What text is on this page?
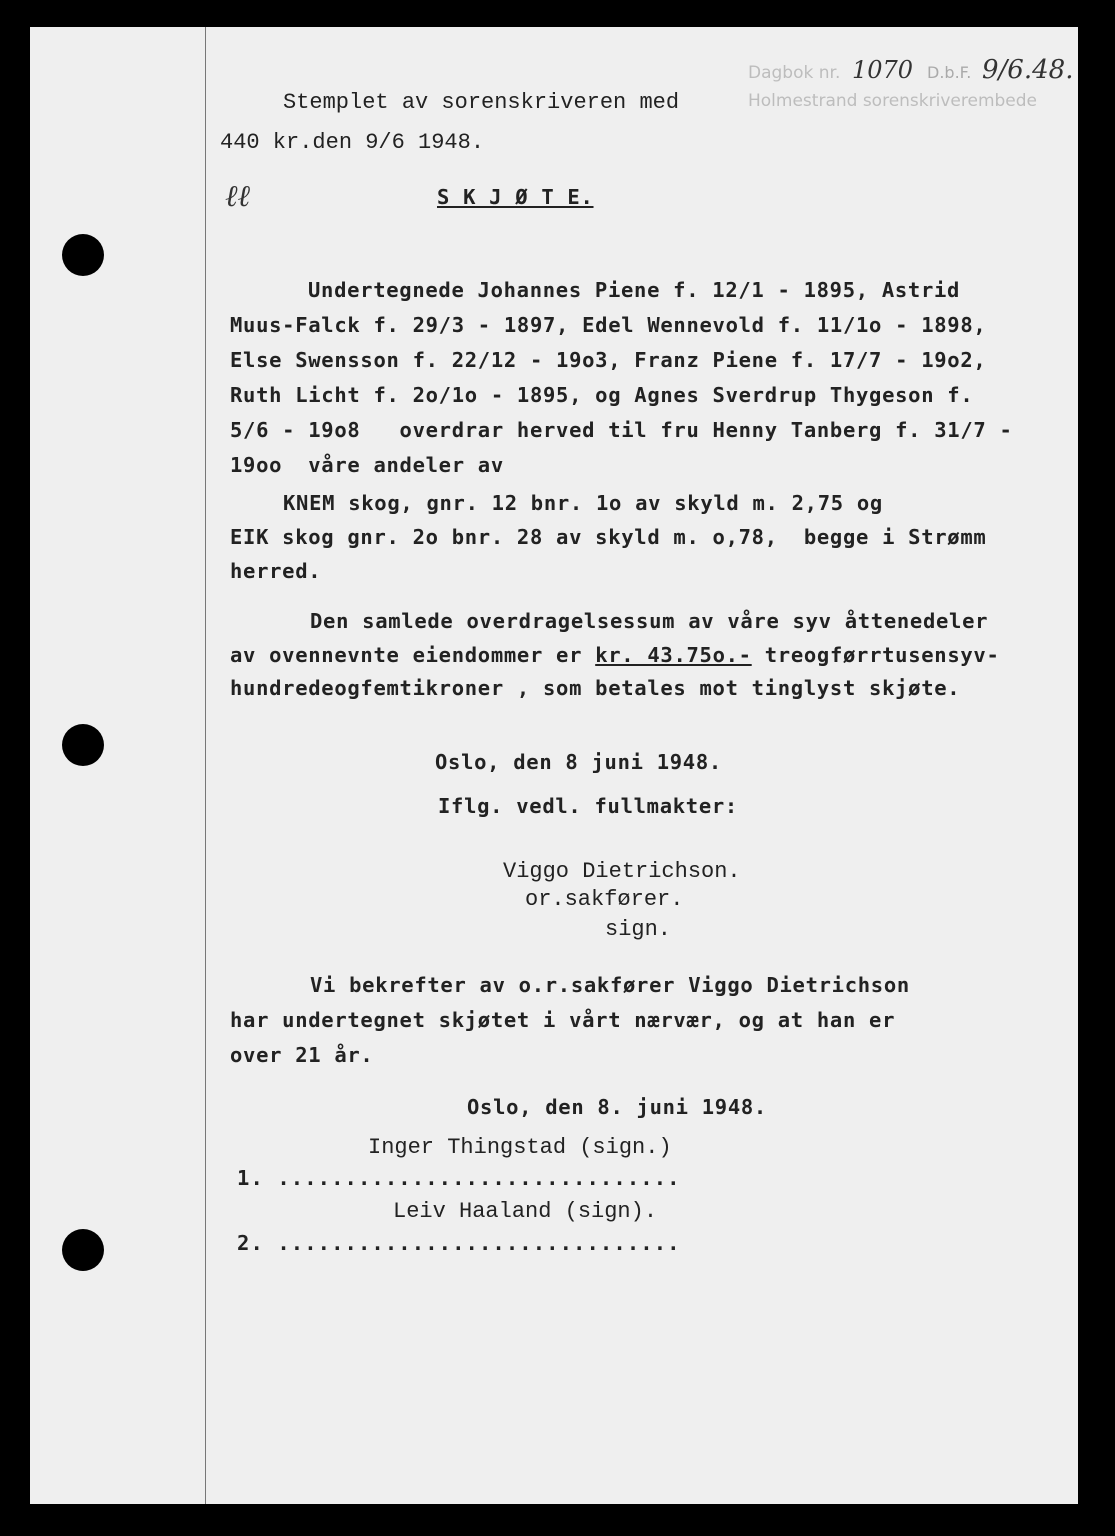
Dagbok nr. 1070 D.b.F. 9/6.48.
Holmestrand sorenskriverembede
Stemplet av sorenskriveren med
440 kr.den 9/6 1948.
ℓℓ	S K J Ø T E.
Undertegnede Johannes Piene f. 12/1 - 1895, Astrid
Muus-Falck f. 29/3 - 1897, Edel Wennevold f. 11/1o - 1898,
Else Swensson f. 22/12 - 19o3, Franz Piene f. 17/7 - 19o2,
Ruth Licht f. 2o/1o - 1895, og Agnes Sverdrup Thygeson f.
5/6 - 19o8   overdrar herved til fru Henny Tanberg f. 31/7 -
19oo  våre andeler av
KNEM skog, gnr. 12 bnr. 1o av skyld m. 2,75 og
EIK skog gnr. 2o bnr. 28 av skyld m. o,78,  begge i Strømm
herred.
Den samlede overdragelsessum av våre syv åttenedeler
av ovennevnte eiendommer er kr. 43.75o.- treogførrtusensyv-
hundredeogfemtikroner , som betales mot tinglyst skjøte.
Oslo, den 8 juni 1948.
Iflg. vedl. fullmakter:
Viggo Dietrichson.
or.sakfører.
sign.
Vi bekrefter av o.r.sakfører Viggo Dietrichson
har undertegnet skjøtet i vårt nærvær, og at han er
over 21 år.
Oslo, den 8. juni 1948.
Inger Thingstad (sign.)
1. ..............................
Leiv Haaland (sign).
2. ..............................
